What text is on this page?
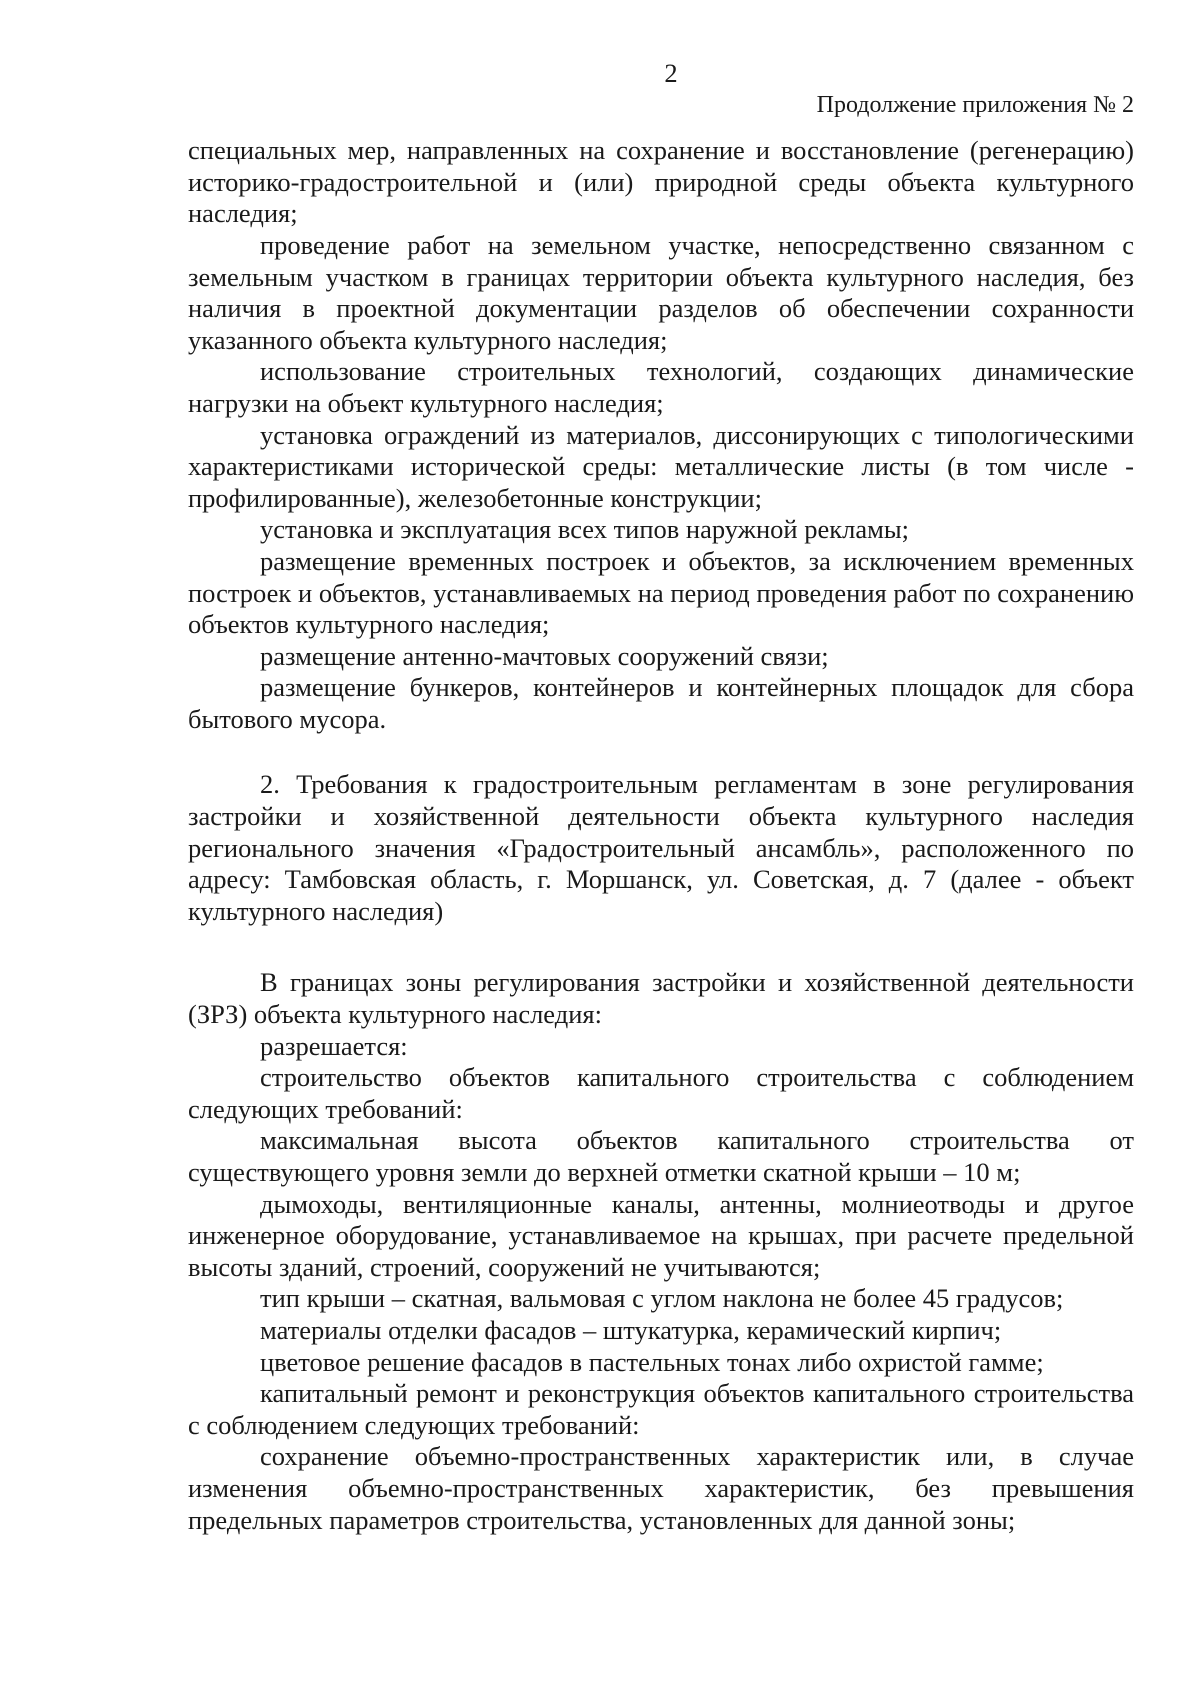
2
Продолжение приложения № 2

специальных мер, направленных на сохранение и восстановление (регенерацию) историко-градостроительной и (или) природной среды объекта культурного наследия;

проведение работ на земельном участке, непосредственно связанном с земельным участком в границах территории объекта культурного наследия, без наличия в проектной документации разделов об обеспечении сохранности указанного объекта культурного наследия;

использование строительных технологий, создающих динамические нагрузки на объект культурного наследия;

установка ограждений из материалов, диссонирующих с типологическими характеристиками исторической среды: металлические листы (в том числе - профилированные), железобетонные конструкции;

установка и эксплуатация всех типов наружной рекламы;

размещение временных построек и объектов, за исключением временных построек и объектов, устанавливаемых на период проведения работ по сохранению объектов культурного наследия;

размещение антенно-мачтовых сооружений связи;

размещение бункеров, контейнеров и контейнерных площадок для сбора бытового мусора.

2. Требования к градостроительным регламентам в зоне регулирования застройки и хозяйственной деятельности объекта культурного наследия регионального значения «Градостроительный ансамбль», расположенного по адресу: Тамбовская область, г. Моршанск, ул. Советская, д. 7 (далее - объект культурного наследия)

В границах зоны регулирования застройки и хозяйственной деятельности (ЗРЗ) объекта культурного наследия:

разрешается:

строительство объектов капитального строительства с соблюдением следующих требований:

максимальная высота объектов капитального строительства от существующего уровня земли до верхней отметки скатной крыши – 10 м;

дымоходы, вентиляционные каналы, антенны, молниеотводы и другое инженерное оборудование, устанавливаемое на крышах, при расчете предельной высоты зданий, строений, сооружений не учитываются;

тип крыши – скатная, вальмовая с углом наклона не более 45 градусов;

материалы отделки фасадов – штукатурка, керамический кирпич;

цветовое решение фасадов в пастельных тонах либо охристой гамме;

капитальный ремонт и реконструкция объектов капитального строительства с соблюдением следующих требований:

сохранение объемно-пространственных характеристик или, в случае изменения объемно-пространственных характеристик, без превышения предельных параметров строительства, установленных для данной зоны;
